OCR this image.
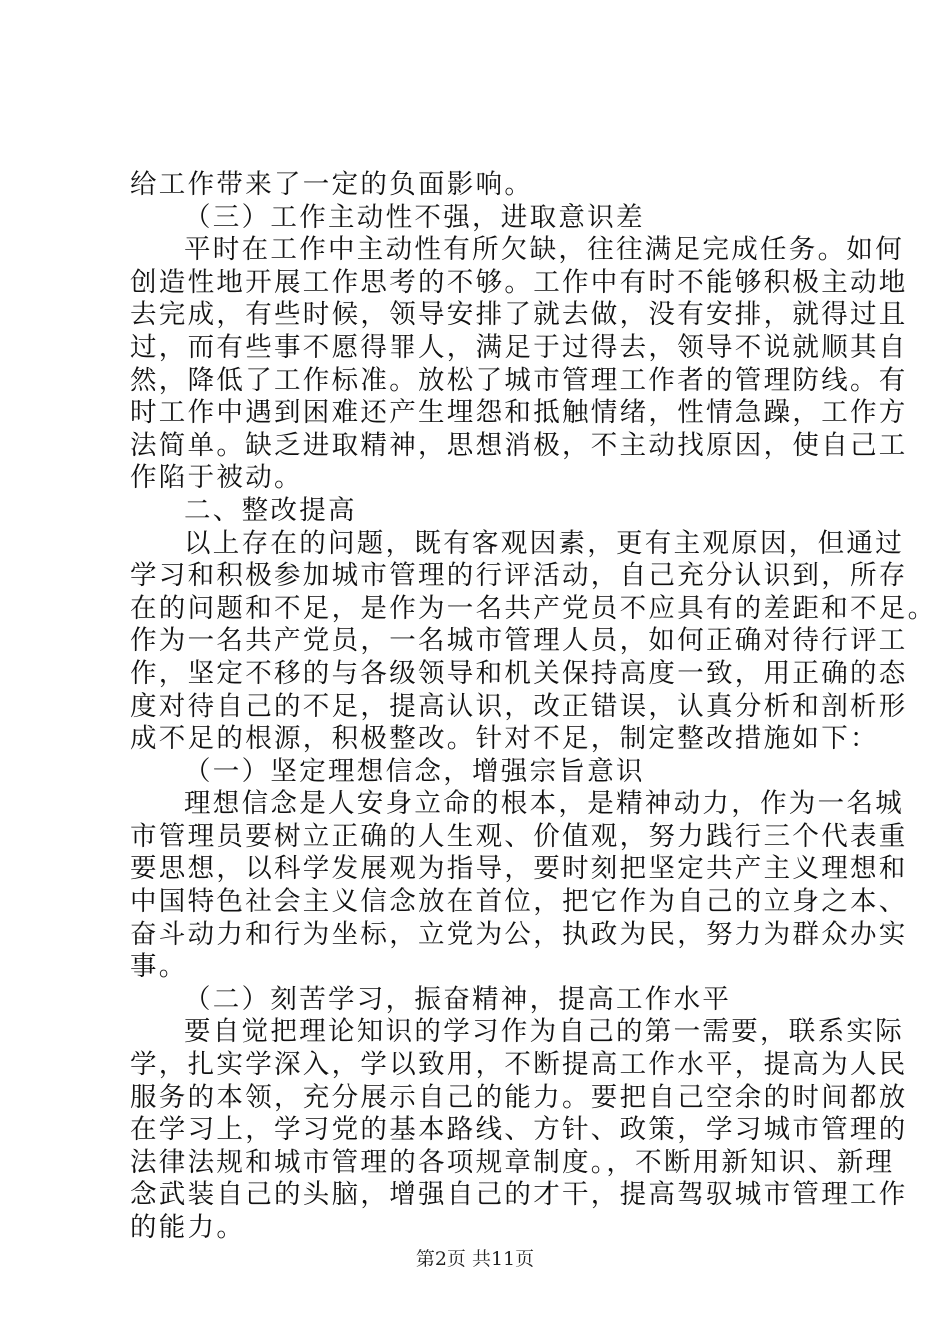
给工作带来了一定的负面影响。
（三）工作主动性不强，进取意识差
平时在工作中主动性有所欠缺，往往满足完成任务。如何
创造性地开展工作思考的不够。工作中有时不能够积极主动地
去完成，有些时候，领导安排了就去做，没有安排，就得过且
过，而有些事不愿得罪人，满足于过得去，领导不说就顺其自
然，降低了工作标准。放松了城市管理工作者的管理防线。有
时工作中遇到困难还产生埋怨和抵触情绪，性情急躁，工作方
法简单。缺乏进取精神，思想消极，不主动找原因，使自己工
作陷于被动。
二、整改提高
以上存在的问题，既有客观因素，更有主观原因，但通过
学习和积极参加城市管理的行评活动，自己充分认识到，所存
在的问题和不足，是作为一名共产党员不应具有的差距和不足。
作为一名共产党员，一名城市管理人员，如何正确对待行评工
作，坚定不移的与各级领导和机关保持高度一致，用正确的态
度对待自己的不足，提高认识，改正错误，认真分析和剖析形
成不足的根源，积极整改。针对不足，制定整改措施如下：
（一）坚定理想信念，增强宗旨意识
理想信念是人安身立命的根本，是精神动力，作为一名城
市管理员要树立正确的人生观、价值观，努力践行三个代表重
要思想，以科学发展观为指导，要时刻把坚定共产主义理想和
中国特色社会主义信念放在首位，把它作为自己的立身之本、
奋斗动力和行为坐标，立党为公，执政为民，努力为群众办实
事。
（二）刻苦学习，振奋精神，提高工作水平
要自觉把理论知识的学习作为自己的第一需要，联系实际
学，扎实学深入，学以致用，不断提高工作水平，提高为人民
服务的本领，充分展示自己的能力。要把自己空余的时间都放
在学习上，学习党的基本路线、方针、政策，学习城市管理的
法律法规和城市管理的各项规章制度。，不断用新知识、新理
念武装自己的头脑，增强自己的才干，提高驾驭城市管理工作
的能力。
第2页 共11页
